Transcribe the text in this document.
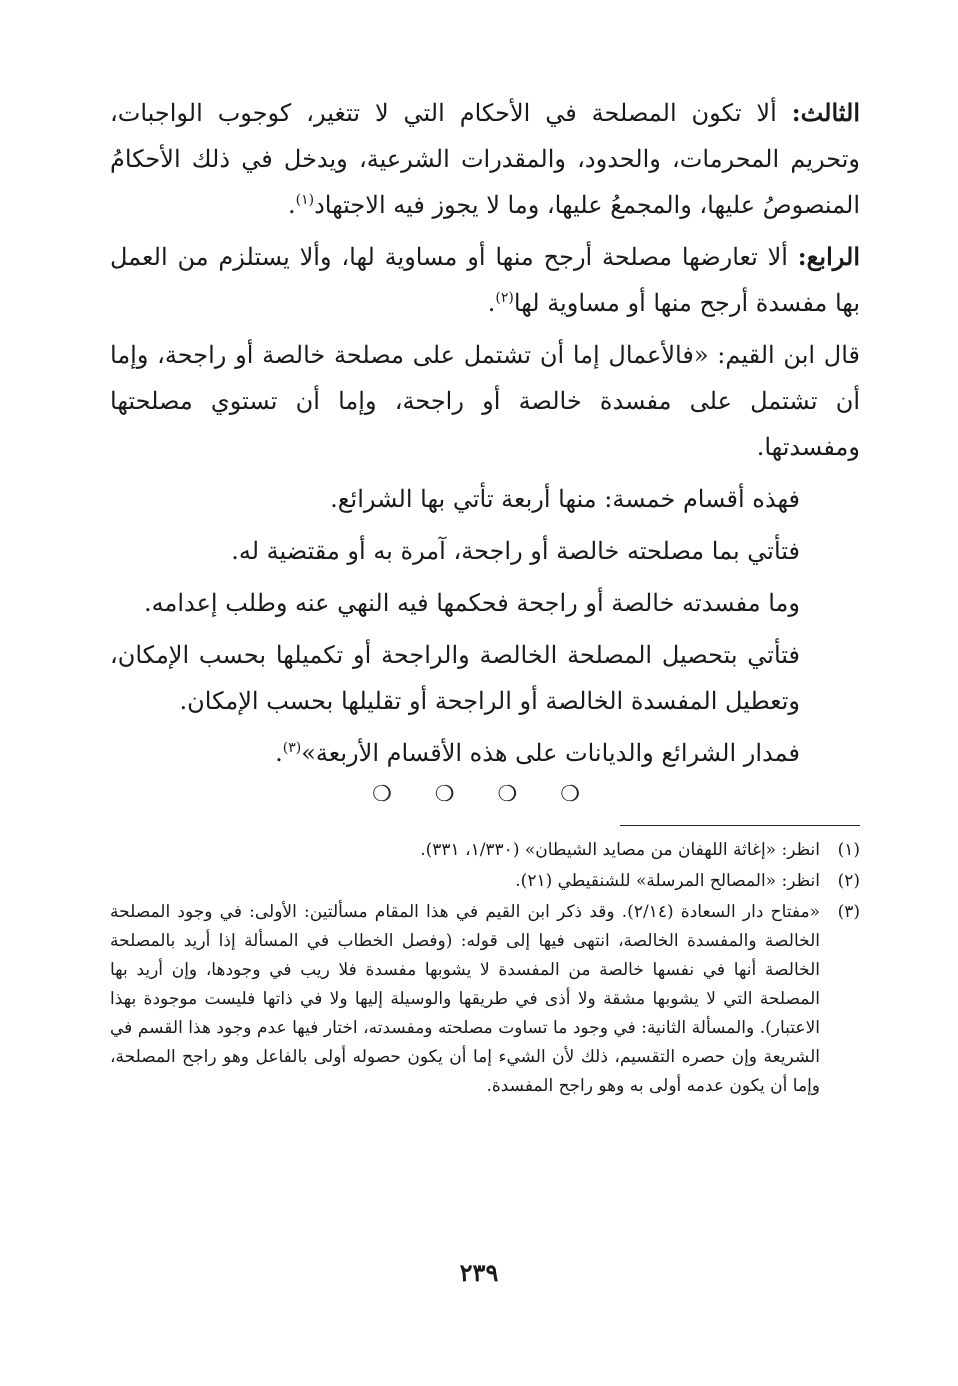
الثالث: ألا تكون المصلحة في الأحكام التي لا تتغير، كوجوب الواجبات، وتحريم المحرمات، والحدود، والمقدرات الشرعية، ويدخل في ذلك الأحكامُ المنصوصُ عليها، والمجمعُ عليها، وما لا يجوز فيه الاجتهاد$^{(١)}$.

الرابع: ألا تعارضها مصلحة أرجح منها أو مساوية لها، وألا يستلزم من العمل بها مفسدة أرجح منها أو مساوية لها$^{(٢)}$.

قال ابن القيم: «فالأعمال إما أن تشتمل على مصلحة خالصة أو راجحة، وإما أن تشتمل على مفسدة خالصة أو راجحة، وإما أن تستوي مصلحتها ومفسدتها.

فهذه أقسام خمسة: منها أربعة تأتي بها الشرائع.

فتأتي بما مصلحته خالصة أو راجحة، آمرة به أو مقتضية له.

وما مفسدته خالصة أو راجحة فحكمها فيه النهي عنه وطلب إعدامه.

فتأتي بتحصيل المصلحة الخالصة والراجحة أو تكميلها بحسب الإمكان، وتعطيل المفسدة الخالصة أو الراجحة أو تقليلها بحسب الإمكان.

فمدار الشرائع والديانات على هذه الأقسام الأربعة»$^{(٣)}$.

❍ ❍ ❍ ❍
(١)
انظر: «إغاثة اللهفان من مصايد الشيطان» (١/٣٣٠، ٣٣١).
(٢)
انظر: «المصالح المرسلة» للشنقيطي (٢١).
(٣)
«مفتاح دار السعادة (٢/١٤). وقد ذكر ابن القيم في هذا المقام مسألتين: الأولى: في وجود المصلحة الخالصة والمفسدة الخالصة، انتهى فيها إلى قوله: (وفصل الخطاب في المسألة إذا أريد بالمصلحة الخالصة أنها في نفسها خالصة من المفسدة لا يشوبها مفسدة فلا ريب في وجودها، وإن أريد بها المصلحة التي لا يشوبها مشقة ولا أذى في طريقها والوسيلة إليها ولا في ذاتها فليست موجودة بهذا الاعتبار). والمسألة الثانية: في وجود ما تساوت مصلحته ومفسدته، اختار فيها عدم وجود هذا القسم في الشريعة وإن حصره التقسيم، ذلك لأن الشيء إما أن يكون حصوله أولى بالفاعل وهو راجح المصلحة، وإما أن يكون عدمه أولى به وهو راجح المفسدة.
٢٣٩
